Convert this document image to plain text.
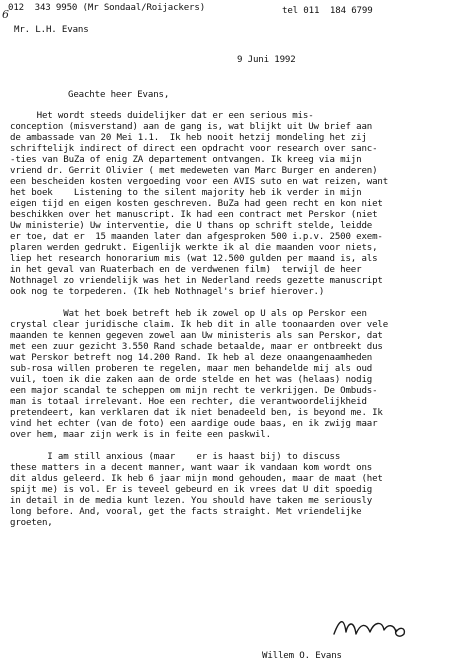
6 012  343 9950 (Mr Sondaal/Roijackers)	tel 011  184 6799
Mr. L.H. Evans
9 Juni 1992
Geachte heer Evans,
Het wordt steeds duidelijker dat er een serious mis-
conception (misverstand) aan de gang is, wat blijkt uit Uw brief aan
de ambassade van 20 Mei 1.1.  Ik heb nooit hetzij mondeling het zij
schriftelijk indirect of direct een opdracht voor research over sanc-
-ties van BuZa of enig ZA departement ontvangen. Ik kreeg via mijn
vriend dr. Gerrit Olivier ( met medeweten van Marc Burger en anderen)
een bescheiden kosten vergoeding voor een AVIS suto en wat reizen, want
het boek    Listening to the silent majority heb ik verder in mijn
eigen tijd en eigen kosten geschreven. BuZa had geen recht en kon niet
beschikken over het manuscript. Ik had een contract met Perskor (niet
Uw ministerie) Uw interventie, die U thans op schrift stelde, leidde
er toe, dat er  15 maanden later dan afgesproken 500 i.p.v. 2500 exem-
plaren werden gedrukt. Eigenlijk werkte ik al die maanden voor niets,
liep het research honorarium mis (wat 12.500 gulden per maand is, als
in het geval van Ruaterbach en de verdwenen film)  terwijl de heer
Nothnagel zo vriendelijk was het in Nederland reeds gezette manuscript
ook nog te torpederen. (Ik heb Nothnagel's brief hierover.)
Wat het boek betreft heb ik zowel op U als op Perskor een
crystal clear juridische claim. Ik heb dit in alle toonaarden over vele
maanden te kennen gegeven zowel aan Uw ministeris als san Perskor, dat
met een zuur gezicht 3.550 Rand schade betaalde, maar er ontbreekt dus
wat Perskor betreft nog 14.200 Rand. Ik heb al deze onaangenaamheden
sub-rosa willen proberen te regelen, maar men behandelde mij als oud
vuil, toen ik die zaken aan de orde stelde en het was (helaas) nodig
een major scandal te scheppen om mijn recht te verkrijgen. De Ombuds-
man is totaal irrelevant. Hoe een rechter, die verantwoordelijkheid
pretendeert, kan verklaren dat ik niet benadeeld ben, is beyond me. Ik
vind het echter (van de foto) een aardige oude baas, en ik zwijg maar
over hem, maar zijn werk is in feite een paskwil.
I am still anxious (maar    er is haast bij) to discuss
these matters in a decent manner, want waar ik vandaan kom wordt ons
dit aldus geleerd. Ik heb 6 jaar mijn mond gehouden, maar de maat (het
spijt me) is vol. Er is teveel gebeurd en ik vrees dat U dit spoedig
in detail in de media kunt lezen. You should have taken me seriously
long before. And, vooral, get the facts straight. Met vriendelijke
groeten,
Willem O. Evans
